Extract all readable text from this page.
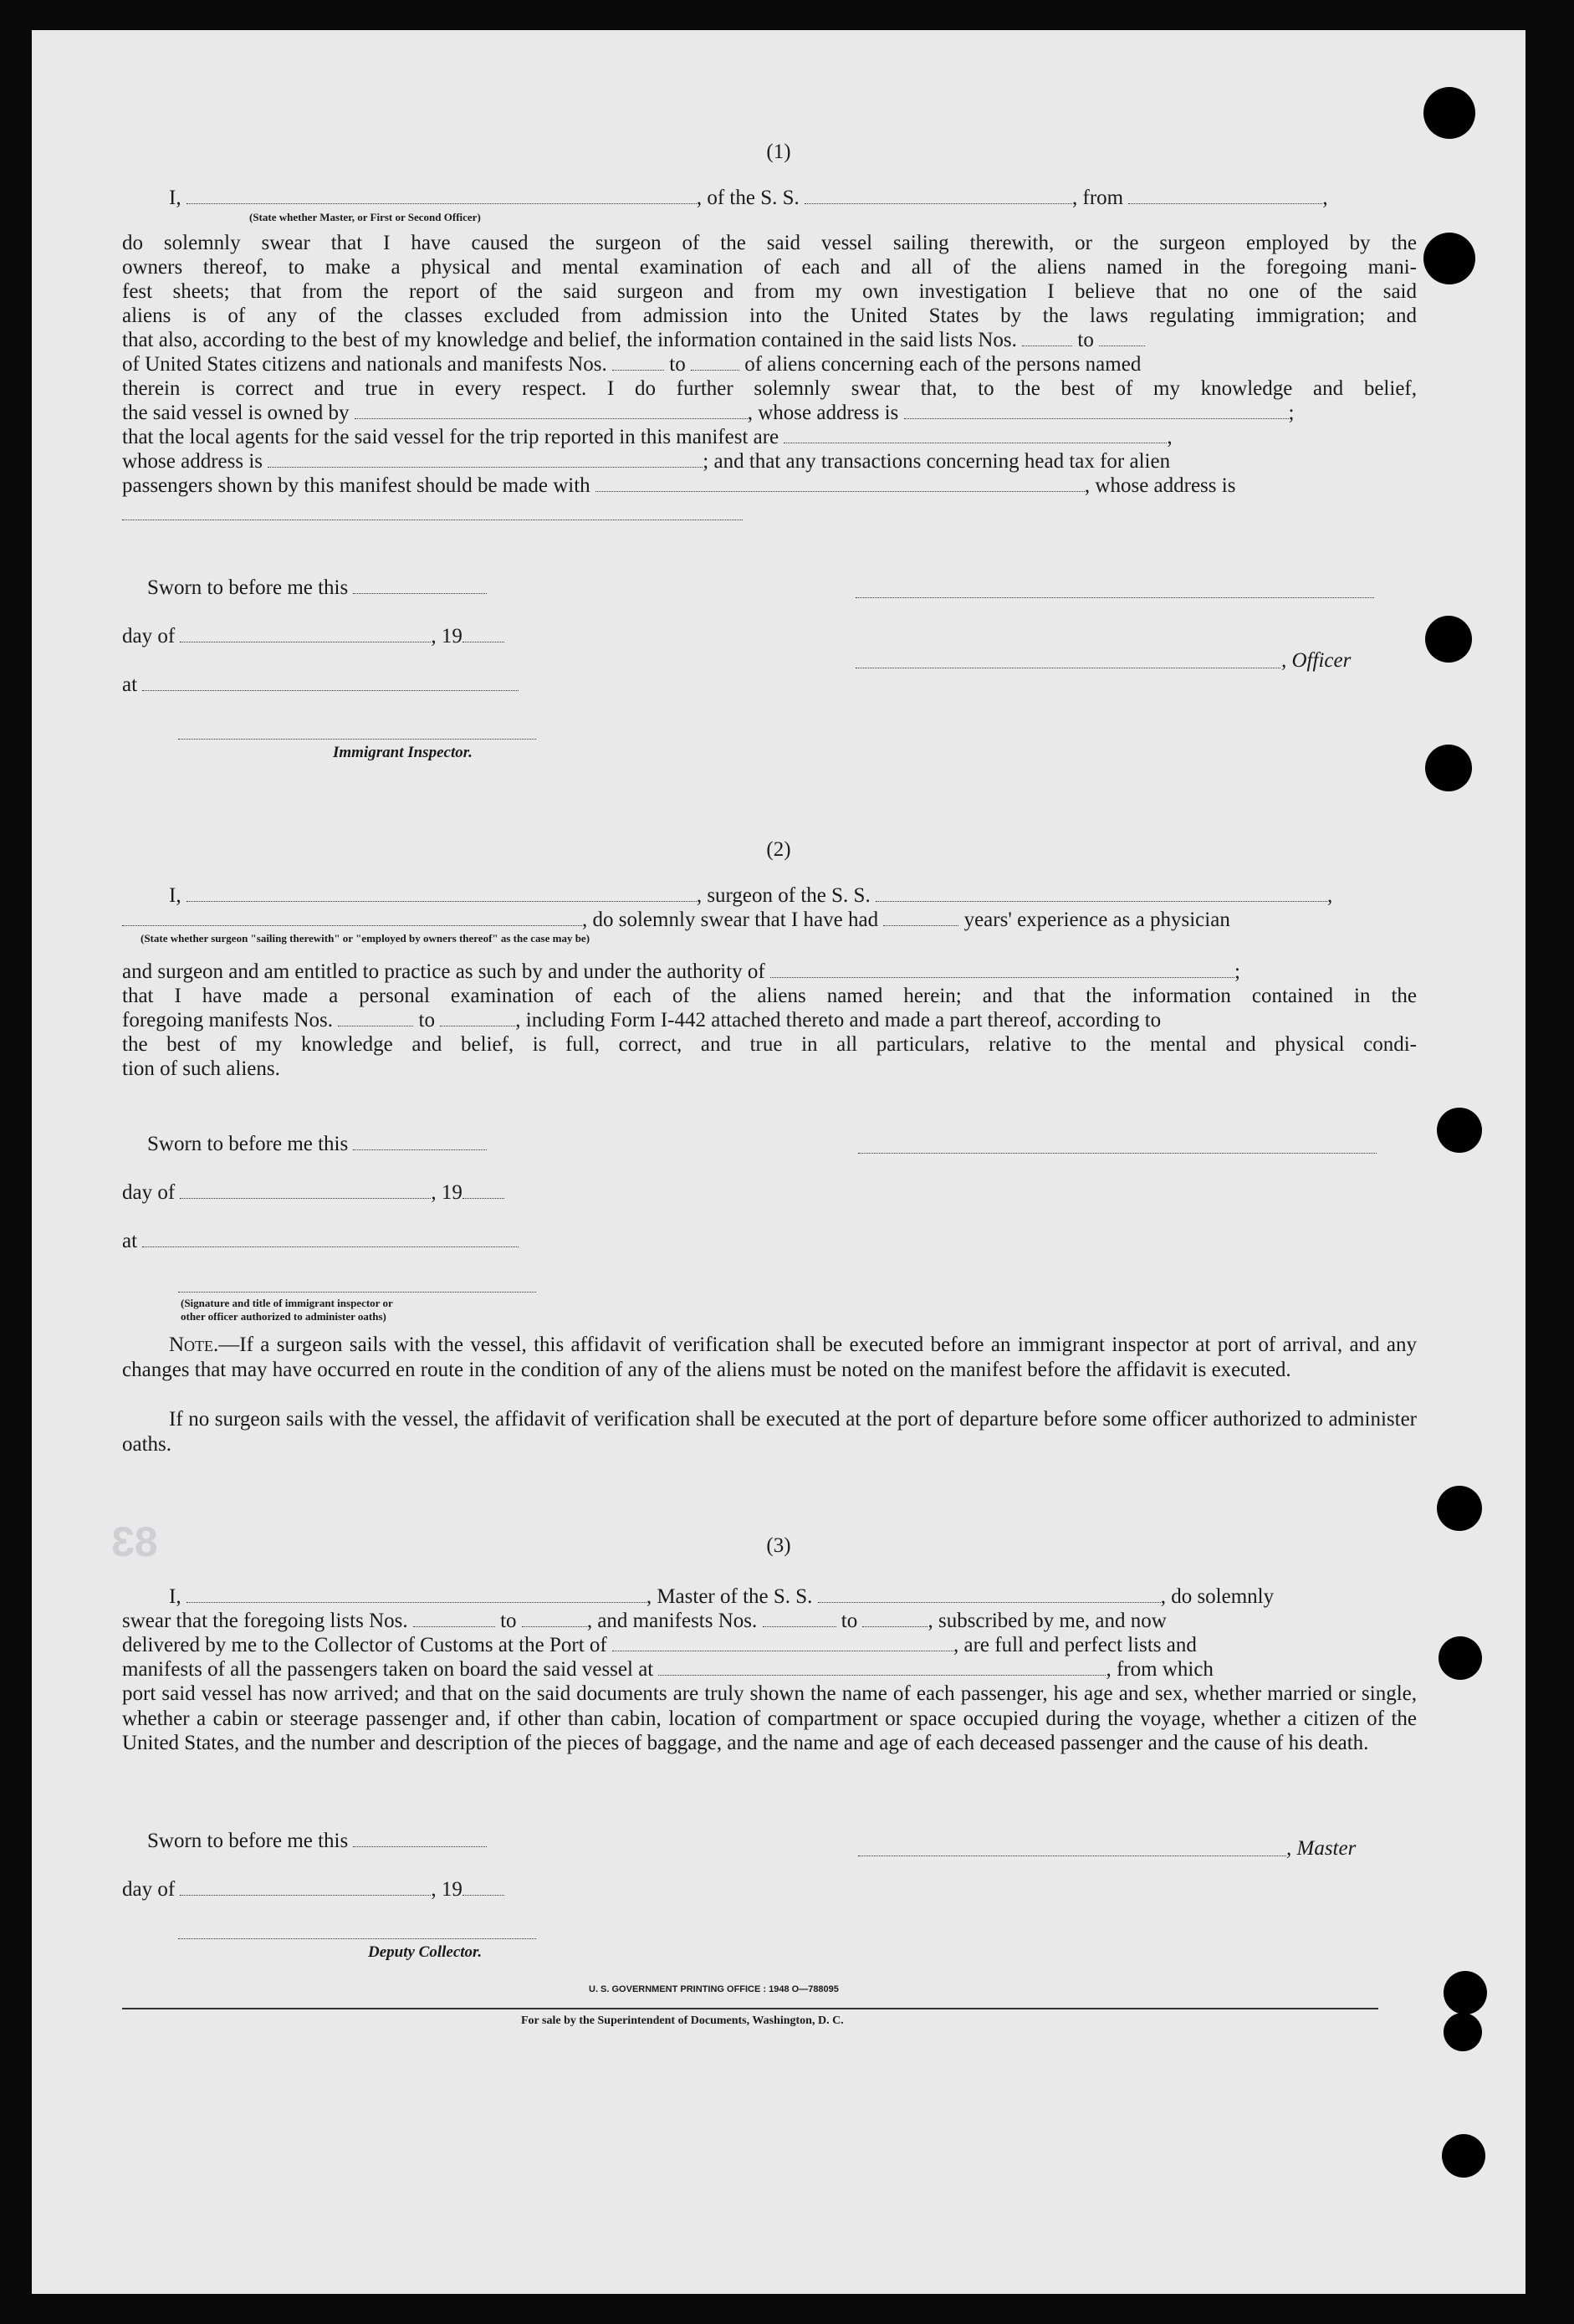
83
(1)
I,	, of the S. S.	, from	,
(State whether Master, or First or Second Officer)
do solemnly swear that I have caused the surgeon of the said vessel sailing therewith, or the surgeon employed by the
owners thereof, to make a physical and mental examination of each and all of the aliens named in the foregoing mani-
fest sheets; that from the report of the said surgeon and from my own investigation I believe that no one of the said
aliens is of any of the classes excluded from admission into the United States by the laws regulating immigration; and
that also, according to the best of my knowledge and belief, the information contained in the said lists Nos.	to
of United States citizens and nationals and manifests Nos.	to	of aliens concerning each of the persons named
therein is correct and true in every respect. I do further solemnly swear that, to the best of my knowledge and belief,
the said vessel is owned by	, whose address is	;
that the local agents for the said vessel for the trip reported in this manifest are	,
whose address is	; and that any transactions concerning head tax for alien
passengers shown by this manifest should be made with	, whose address is
Sworn to before me this
day of	, 19
at
Immigrant Inspector.
, Officer
(2)
I,	, surgeon of the S. S.	,
, do solemnly swear that I have had	years' experience as a physician
(State whether surgeon "sailing therewith" or "employed by owners thereof" as the case may be)
and surgeon and am entitled to practice as such by and under the authority of	;
that I have made a personal examination of each of the aliens named herein; and that the information contained in the
foregoing manifests Nos.	to	, including Form I-442 attached thereto and made a part thereof, according to
the best of my knowledge and belief, is full, correct, and true in all particulars, relative to the mental and physical condi-
tion of such aliens.
Sworn to before me this
day of	, 19
at
(Signature and title of immigrant inspector or
other officer authorized to administer oaths)
Note.—If a surgeon sails with the vessel, this affidavit of verification shall be executed before an immigrant inspector at port of arrival, and any changes that may have occurred en route in the condition of any of the aliens must be noted on the manifest before the affidavit is executed.
If no surgeon sails with the vessel, the affidavit of verification shall be executed at the port of departure before some officer authorized to administer oaths.
(3)
I,	, Master of the S. S.	, do solemnly
swear that the foregoing lists Nos.	to	, and manifests Nos.	to	, subscribed by me, and now
delivered by me to the Collector of Customs at the Port of	, are full and perfect lists and
manifests of all the passengers taken on board the said vessel at	, from which
port said vessel has now arrived; and that on the said documents are truly shown the name of each passenger, his age and sex, whether married or single, whether a cabin or steerage passenger and, if other than cabin, location of compartment or space occupied during the voyage, whether a citizen of the United States, and the number and description of the pieces of baggage, and the name and age of each deceased passenger and the cause of his death.
Sworn to before me this
day of	, 19
Deputy Collector.
, Master
U. S. GOVERNMENT PRINTING OFFICE : 1948 O—788095
For sale by the Superintendent of Documents, Washington, D. C.
